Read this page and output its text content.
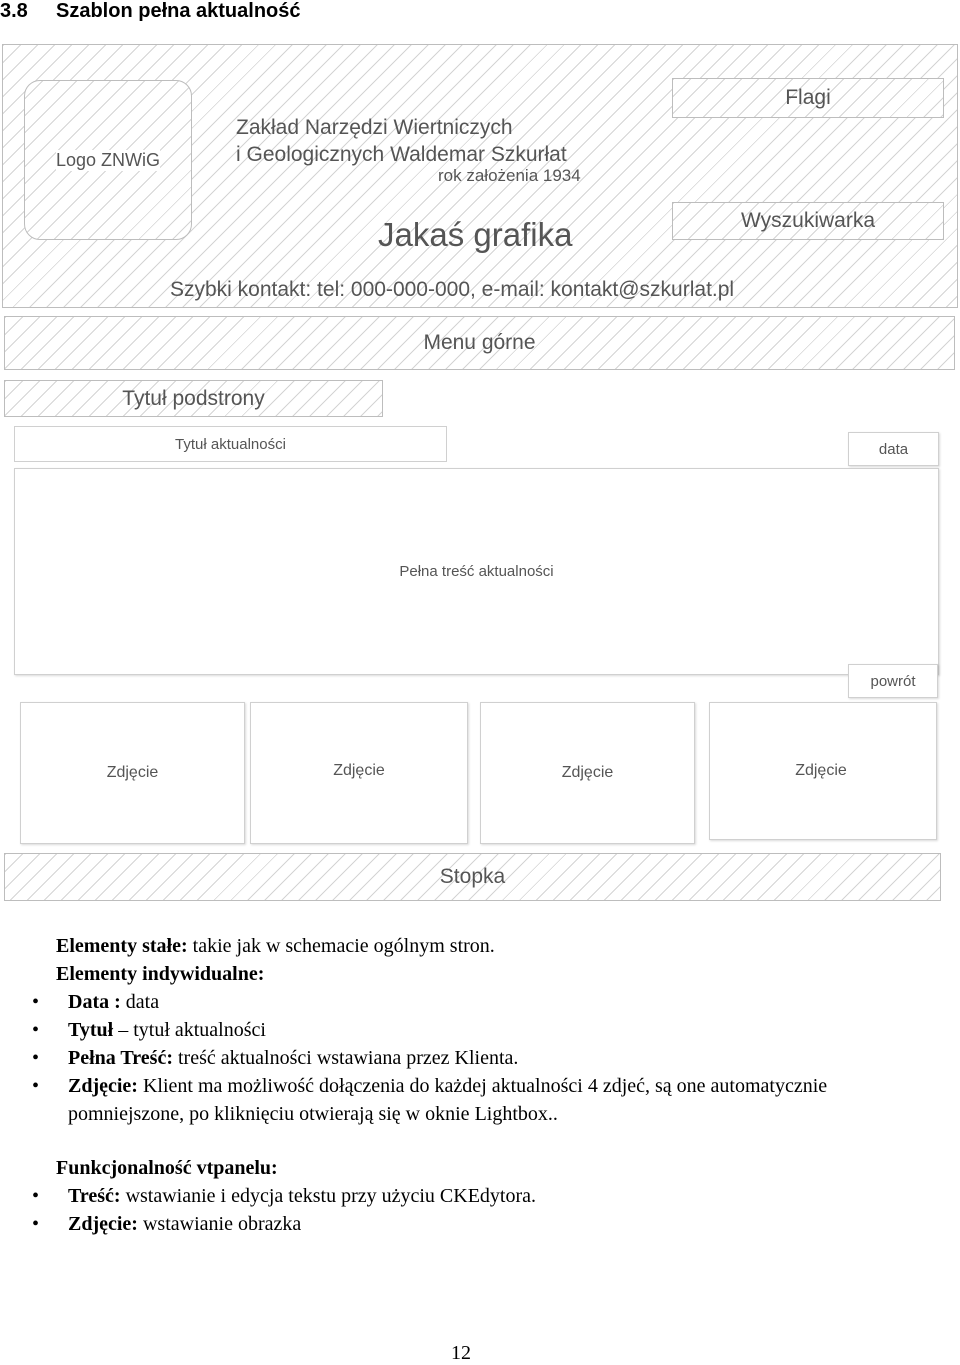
3.8 Szablon pełna aktualność
Logo ZNWiG
Zakład Narzędzi Wiertniczych
i Geologicznych Waldemar Szkurłat
rok założenia 1934
Jakaś grafika
Flagi
Wyszukiwarka
Szybki kontakt: tel: 000-000-000, e-mail: kontakt@szkurlat.pl
Menu górne
Tytuł podstrony
Tytuł aktualności	data
Pełna treść aktualności
powrót
Zdjęcie	Zdjęcie	Zdjęcie	Zdjęcie
Stopka
Elementy stałe: takie jak w schemacie ogólnym stron.
Elementy indywidualne:
• Data : data
• Tytuł – tytuł aktualności
• Pełna Treść: treść aktualności wstawiana przez Klienta.
• Zdjęcie: Klient ma możliwość dołączenia do każdej aktualności 4 zdjeć, są one automatycznie pomniejszone, po kliknięciu otwierają się w oknie Lightbox..
Funkcjonalność vtpanelu:
• Treść: wstawianie i edycja tekstu przy użyciu CKEdytora.
• Zdjęcie: wstawianie obrazka
12
